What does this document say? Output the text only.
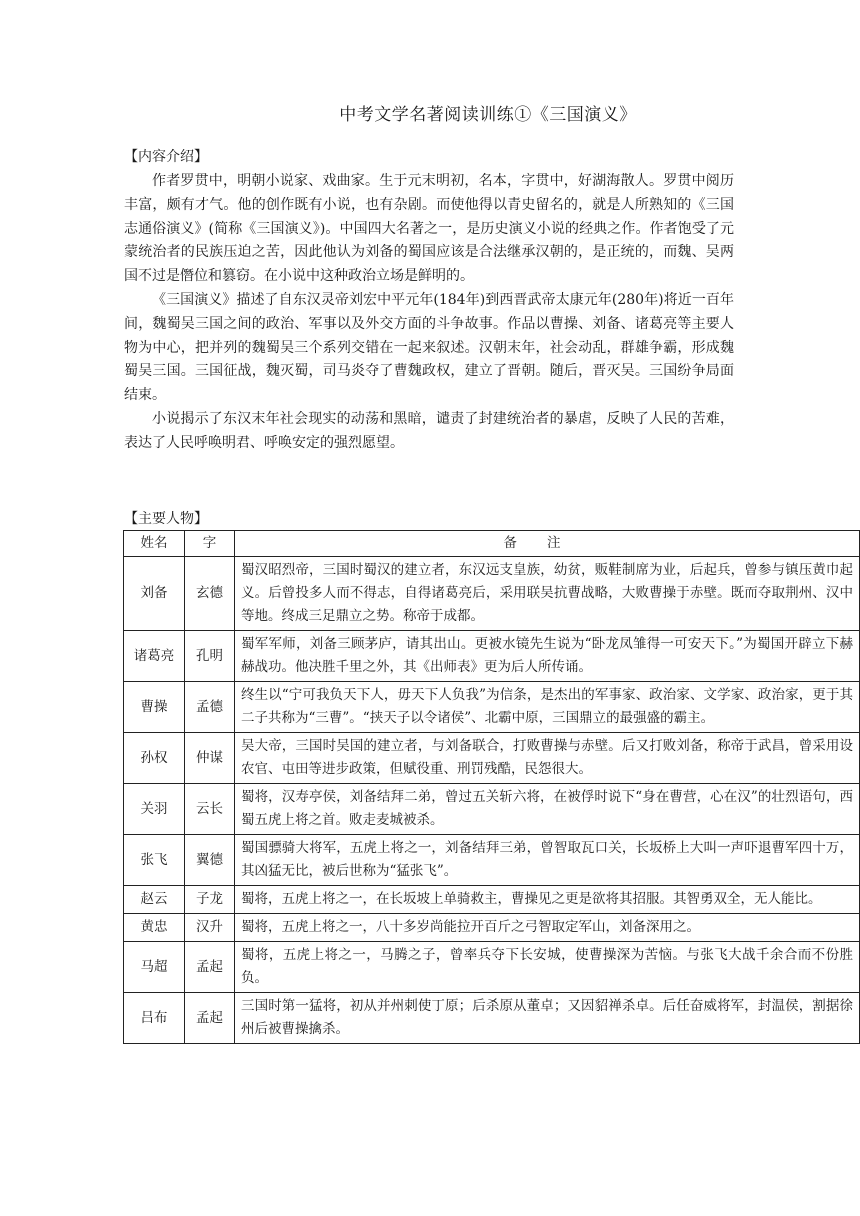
中考文学名著阅读训练①《三国演义》
【内容介绍】

作者罗贯中，明朝小说家、戏曲家。生于元末明初，名本，字贯中，好湖海散人。罗贯中阅历丰富，颇有才气。他的创作既有小说，也有杂剧。而使他得以青史留名的，就是人所熟知的《三国志通俗演义》(简称《三国演义》)。中国四大名著之一，是历史演义小说的经典之作。作者饱受了元蒙统治者的民族压迫之苦，因此他认为刘备的蜀国应该是合法继承汉朝的，是正统的，而魏、吴两国不过是僭位和篡窃。在小说中这种政治立场是鲜明的。

《三国演义》描述了自东汉灵帝刘宏中平元年(184年)到西晋武帝太康元年(280年)将近一百年间，魏蜀吴三国之间的政治、军事以及外交方面的斗争故事。作品以曹操、刘备、诸葛亮等主要人物为中心，把并列的魏蜀吴三个系列交错在一起来叙述。汉朝末年，社会动乱，群雄争霸，形成魏蜀吴三国。三国征战，魏灭蜀，司马炎夺了曹魏政权，建立了晋朝。随后，晋灭吴。三国纷争局面结束。

小说揭示了东汉末年社会现实的动荡和黑暗，谴责了封建统治者的暴虐，反映了人民的苦难，表达了人民呼唤明君、呼唤安定的强烈愿望。

【主要人物】
姓名	字	备注
刘备	玄德	蜀汉昭烈帝，三国时蜀汉的建立者，东汉远支皇族，幼贫，贩鞋制席为业，后起兵，曾参与镇压黄巾起义。后曾投多人而不得志，自得诸葛亮后，采用联吴抗曹战略，大败曹操于赤壁。既而夺取荆州、汉中等地。终成三足鼎立之势。称帝于成都。
诸葛亮	孔明	蜀军军师，刘备三顾茅庐，请其出山。更被水镜先生说为“卧龙凤雏得一可安天下。”为蜀国开辟立下赫赫战功。他决胜千里之外，其《出师表》更为后人所传诵。
曹操	孟德	终生以“宁可我负天下人，毋天下人负我”为信条，是杰出的军事家、政治家、文学家、政治家，更于其二子共称为“三曹”。“挟天子以令诸侯”、北霸中原，三国鼎立的最强盛的霸主。
孙权	仲谋	吴大帝，三国时吴国的建立者，与刘备联合，打败曹操与赤壁。后又打败刘备，称帝于武昌，曾采用设农官、屯田等进步政策，但赋役重、刑罚残酷，民怨很大。
关羽	云长	蜀将，汉寿亭侯，刘备结拜二弟，曾过五关斩六将，在被俘时说下“身在曹营，心在汉”的壮烈语句，西蜀五虎上将之首。败走麦城被杀。
张飞	翼德	蜀国骠骑大将军，五虎上将之一，刘备结拜三弟，曾智取瓦口关，长坂桥上大叫一声吓退曹军四十万，其凶猛无比，被后世称为“猛张飞”。
赵云	子龙	蜀将，五虎上将之一，在长坂坡上单骑救主，曹操见之更是欲将其招服。其智勇双全，无人能比。
黄忠	汉升	蜀将，五虎上将之一，八十多岁尚能拉开百斤之弓智取定军山，刘备深用之。
马超	孟起	蜀将，五虎上将之一，马腾之子，曾率兵夺下长安城，使曹操深为苦恼。与张飞大战千余合而不份胜负。
吕布	孟起	三国时第一猛将，初从并州刺使丁原；后杀原从董卓；又因貂禅杀卓。后任奋威将军，封温侯，割据徐州后被曹操擒杀。
